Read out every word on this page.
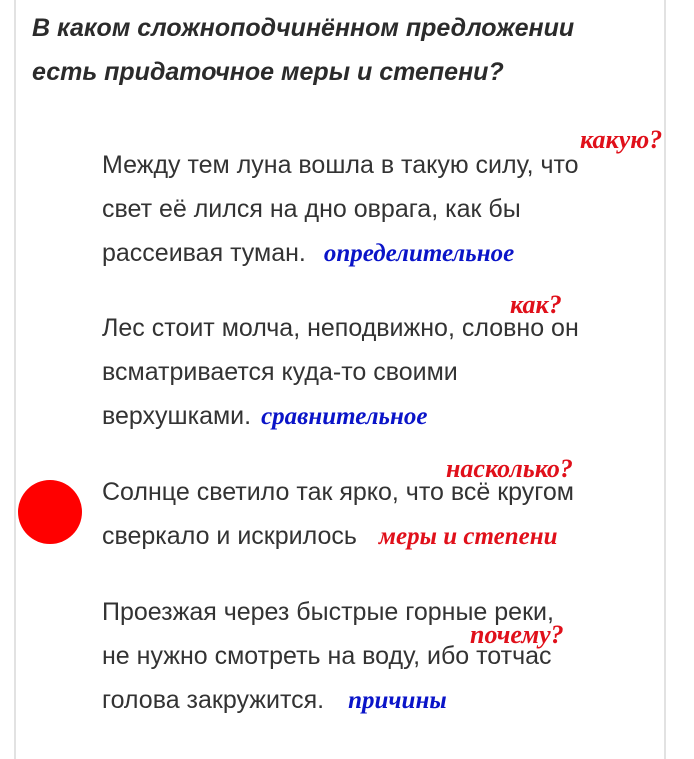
В каком сложноподчинённом предложении
есть придаточное меры и степени?
Между тем луна вошла в такую силу, что
свет её лился на дно оврага, как бы
рассеивая туман. определительное
какую?
Лес стоит молча, неподвижно, словно он
всматривается куда-то своими
верхушками. сравнительное
как?
Солнце светило так ярко, что всё кругом
сверкало и искрилось меры и степени
насколько?
Проезжая через быстрые горные реки,
не нужно смотреть на воду, ибо тотчас
голова закружится. причины
почему?
